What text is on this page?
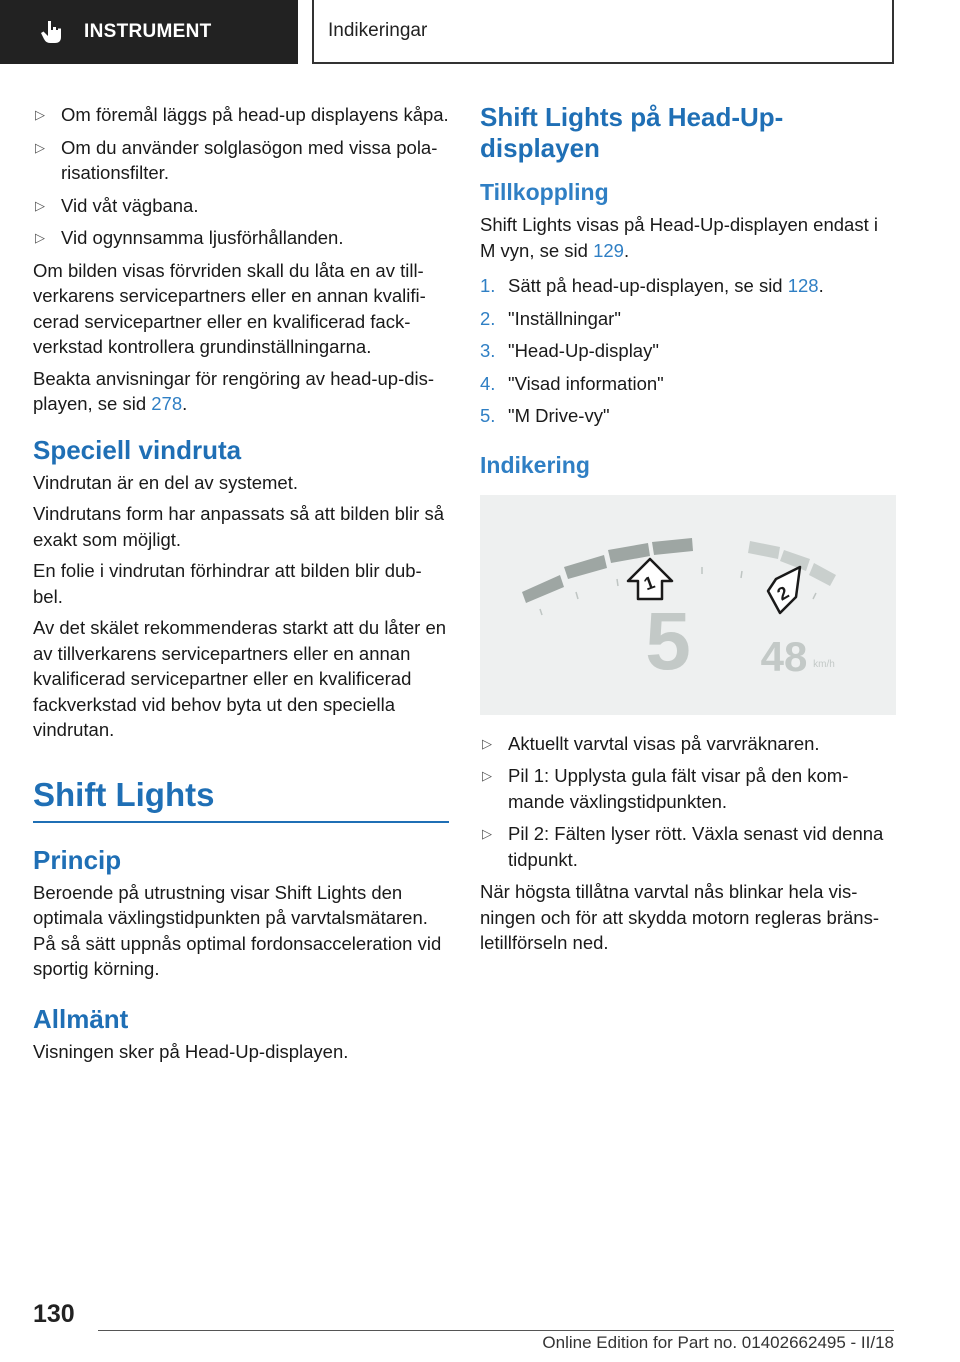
INSTRUMENT	Indikeringar
▷ Om föremål läggs på head-up displayens kåpa.
▷ Om du använder solglasögon med vissa pola-risationsfilter.
▷ Vid våt vägbana.
▷ Vid ogynnsamma ljusförhållanden.

Om bilden visas förvriden skall du låta en av till-verkarens servicepartners eller en annan kvalifi-cerad servicepartner eller en kvalificerad fack-verkstad kontrollera grundinställningarna.

Beakta anvisningar för rengöring av head-up-dis-playen, se sid 278.

Speciell vindruta

Vindrutan är en del av systemet.

Vindrutans form har anpassats så att bilden blir så exakt som möjligt.

En folie i vindrutan förhindrar att bilden blir dub-bel.

Av det skälet rekommenderas starkt att du låter en av tillverkarens servicepartners eller en annan kvalificerad servicepartner eller en kvalificerad fackverkstad vid behov byta ut den speciella vindrutan.

Shift Lights
Princip

Beroende på utrustning visar Shift Lights den optimala växlingstidpunkten på varvtalsmätaren. På så sätt uppnås optimal fordonsacceleration vid sportig körning.

Allmänt

Visningen sker på Head-Up-displayen.

Shift Lights på Head-Up-displayen
Tillkoppling

Shift Lights visas på Head-Up-displayen endast i M vyn, se sid 129.

1. Sätt på head-up-displayen, se sid 128.
2. "Inställningar"
3. "Head-Up-display"
4. "Visad information"
5. "M Drive-vy"
Indikering
1	2
5 48 km/h
▷ Aktuellt varvtal visas på varvräknaren.
▷ Pil 1: Upplysta gula fält visar på den kom-mande växlingstidpunkten.
▷ Pil 2: Fälten lyser rött. Växla senast vid denna tidpunkt.

När högsta tillåtna varvtal nås blinkar hela vis-ningen och för att skydda motorn regleras bräns-letillförseln ned.

130
Online Edition for Part no. 01402662495 - II/18
